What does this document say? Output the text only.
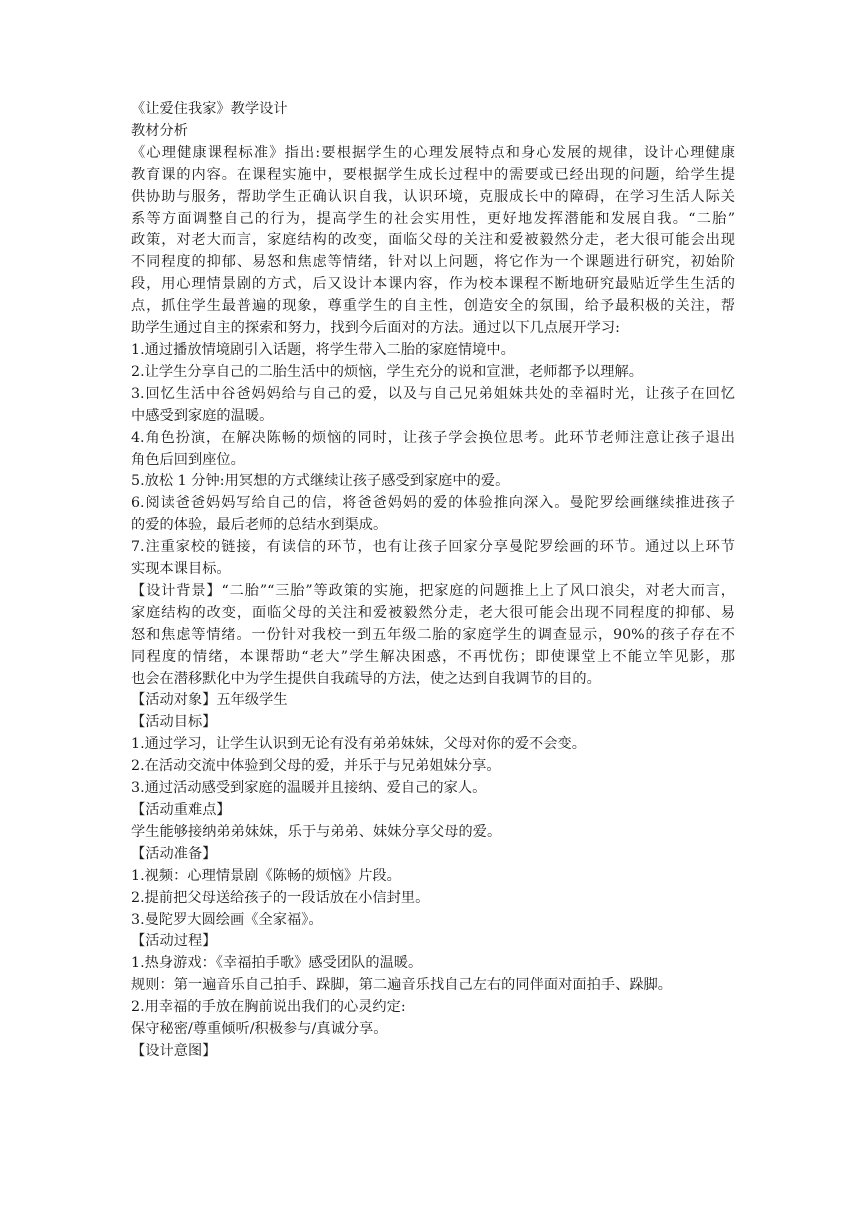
《让爱住我家》教学设计
教材分析
《心理健康课程标准》指出:要根据学生的心理发展特点和身心发展的规律，设计心理健康
教育课的内容。在课程实施中，要根据学生成长过程中的需要或已经出现的问题，给学生提
供协助与服务，帮助学生正确认识自我，认识环境，克服成长中的障碍，在学习生活人际关
系等方面调整自己的行为，提高学生的社会实用性，更好地发挥潜能和发展自我。“二胎”
政策，对老大而言，家庭结构的改变，面临父母的关注和爱被毅然分走，老大很可能会出现
不同程度的抑郁、易怒和焦虑等情绪，针对以上问题，将它作为一个课题进行研究，初始阶
段，用心理情景剧的方式，后又设计本课内容，作为校本课程不断地研究最贴近学生生活的
点，抓住学生最普遍的现象，尊重学生的自主性，创造安全的氛围，给予最积极的关注，帮
助学生通过自主的探索和努力，找到今后面对的方法。通过以下几点展开学习:
1.通过播放情境剧引入话题，将学生带入二胎的家庭情境中。
2.让学生分享自己的二胎生活中的烦恼，学生充分的说和宣泄，老师都予以理解。
3.回忆生活中谷爸妈妈给与自己的爱，以及与自己兄弟姐妹共处的幸福时光，让孩子在回忆
中感受到家庭的温暖。
4.角色扮演，在解决陈畅的烦恼的同时，让孩子学会换位思考。此环节老师注意让孩子退出
角色后回到座位。
5.放松 1 分钟:用冥想的方式继续让孩子感受到家庭中的爱。
6.阅读爸爸妈妈写给自己的信，将爸爸妈妈的爱的体验推向深入。曼陀罗绘画继续推进孩子
的爱的体验，最后老师的总结水到渠成。
7.注重家校的链接，有读信的环节，也有让孩子回家分享曼陀罗绘画的环节。通过以上环节
实现本课目标。
【设计背景】“二胎”“三胎”等政策的实施，把家庭的问题推上上了风口浪尖，对老大而言，
家庭结构的改变，面临父母的关注和爱被毅然分走，老大很可能会出现不同程度的抑郁、易
怒和焦虑等情绪。一份针对我校一到五年级二胎的家庭学生的调查显示，90%的孩子存在不
同程度的情绪，本课帮助“老大”学生解决困惑，不再忧伤；即使课堂上不能立竿见影，那
也会在潜移默化中为学生提供自我疏导的方法，使之达到自我调节的目的。
【活动对象】五年级学生
【活动目标】
1.通过学习，让学生认识到无论有没有弟弟妹妹，父母对你的爱不会变。
2.在活动交流中体验到父母的爱，并乐于与兄弟姐妹分享。
3.通过活动感受到家庭的温暖并且接纳、爱自己的家人。
【活动重难点】
学生能够接纳弟弟妹妹，乐于与弟弟、妹妹分享父母的爱。
【活动准备】
1.视频：心理情景剧《陈畅的烦恼》片段。
2.提前把父母送给孩子的一段话放在小信封里。
3.曼陀罗大圆绘画《全家福》。
【活动过程】
1.热身游戏：《幸福拍手歌》感受团队的温暖。
规则：第一遍音乐自己拍手、跺脚，第二遍音乐找自己左右的同伴面对面拍手、跺脚。
2.用幸福的手放在胸前说出我们的心灵约定:
保守秘密/尊重倾听/积极参与/真诚分享。
【设计意图】
